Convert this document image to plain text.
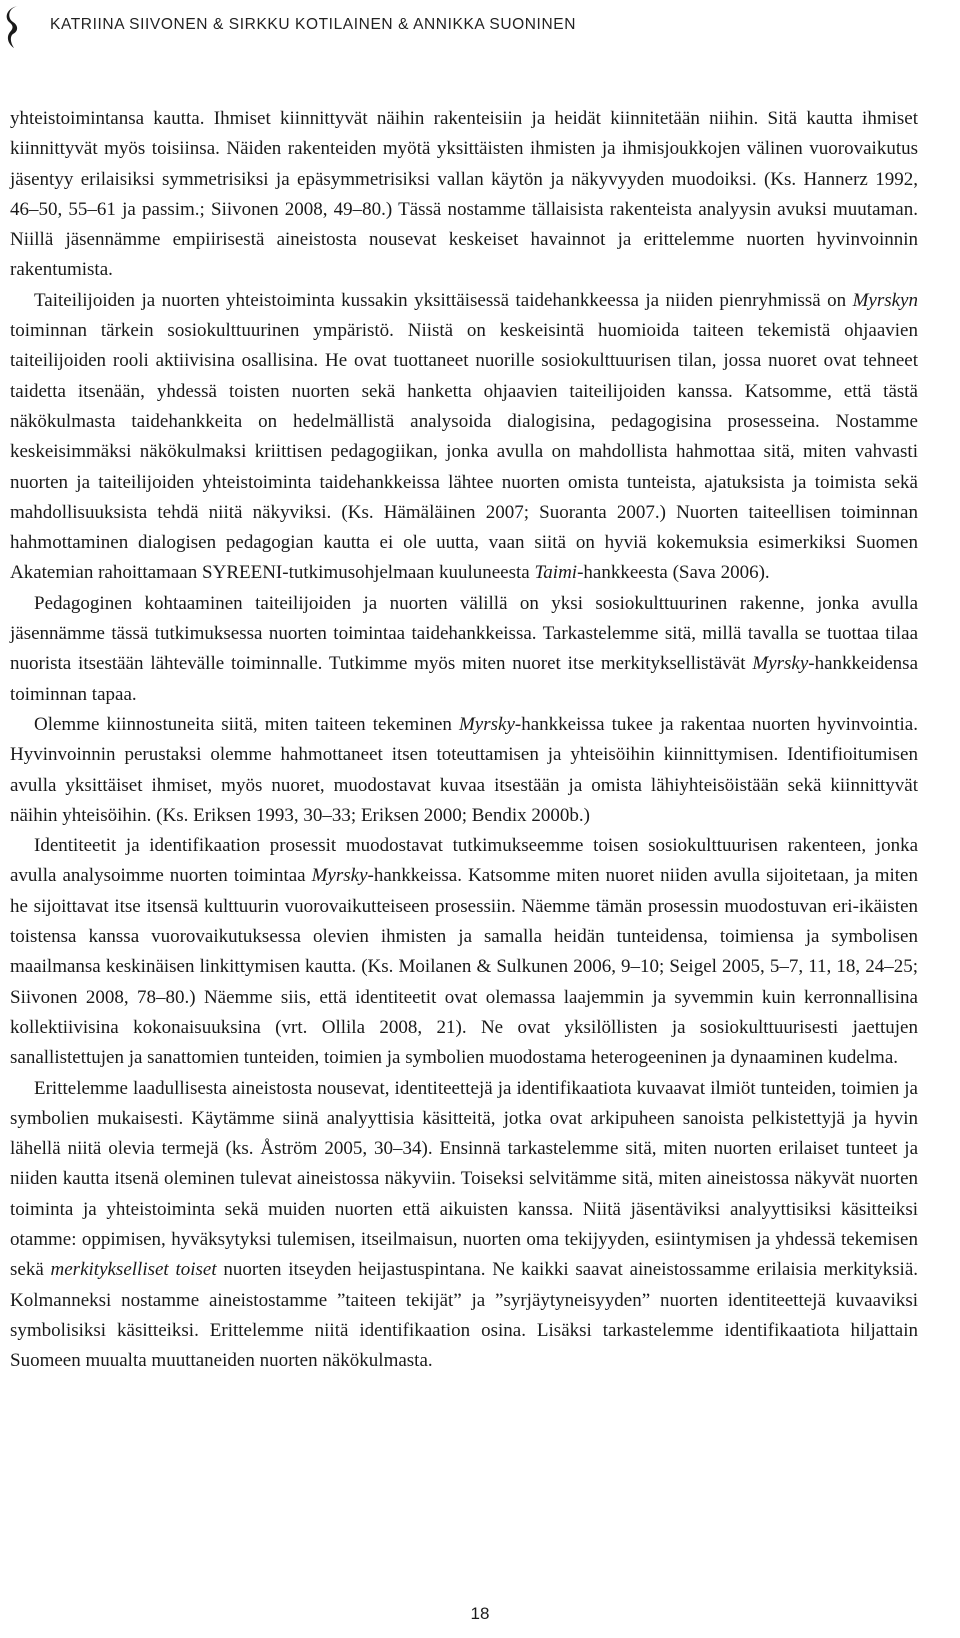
KATRIINA SIIVONEN & SIRKKU KOTILAINEN & ANNIKKA SUONINEN

yhteistoimintansa kautta. Ihmiset kiinnittyvät näihin rakenteisiin ja heidät kiinnitetään niihin. Sitä kautta ihmiset kiinnittyvät myös toisiinsa. Näiden rakenteiden myötä yksittäisten ihmisten ja ihmisjoukkojen välinen vuorovaikutus jäsentyy erilaisiksi symmetrisiksi ja epäsymmetrisiksi vallan käytön ja näkyvyyden muodoiksi. (Ks. Hannerz 1992, 46–50, 55–61 ja passim.; Siivonen 2008, 49–80.) Tässä nostamme tällaisista rakenteista analyysin avuksi muutaman. Niillä jäsennämme empiirisestä aineistosta nousevat keskeiset havainnot ja erittelemme nuorten hyvinvoinnin rakentumista.

Taiteilijoiden ja nuorten yhteistoiminta kussakin yksittäisessä taidehankkeessa ja niiden pienryhmissä on Myrskyn toiminnan tärkein sosiokulttuurinen ympäristö. Niistä on keskeisintä huomioida taiteen tekemistä ohjaavien taiteilijoiden rooli aktiivisina osallisina. He ovat tuottaneet nuorille sosiokulttuurisen tilan, jossa nuoret ovat tehneet taidetta itsenään, yhdessä toisten nuorten sekä hanketta ohjaavien taiteilijoiden kanssa. Katsomme, että tästä näkökulmasta taidehankkeita on hedelmällistä analysoida dialogisina, pedagogisina prosesseina. Nostamme keskeisimmäksi näkökulmaksi kriittisen pedagogiikan, jonka avulla on mahdollista hahmottaa sitä, miten vahvasti nuorten ja taiteilijoiden yhteistoiminta taidehankkeissa lähtee nuorten omista tunteista, ajatuksista ja toimista sekä mahdollisuuksista tehdä niitä näkyviksi. (Ks. Hämäläinen 2007; Suoranta 2007.) Nuorten taiteellisen toiminnan hahmottaminen dialogisen pedagogian kautta ei ole uutta, vaan siitä on hyviä kokemuksia esimerkiksi Suomen Akatemian rahoittamaan SYREENI-tutkimusohjelmaan kuuluneesta Taimi-hankkeesta (Sava 2006).

Pedagoginen kohtaaminen taiteilijoiden ja nuorten välillä on yksi sosiokulttuurinen rakenne, jonka avulla jäsennämme tässä tutkimuksessa nuorten toimintaa taidehankkeissa. Tarkastelemme sitä, millä tavalla se tuottaa tilaa nuorista itsestään lähtevälle toiminnalle. Tutkimme myös miten nuoret itse merkityksellistävät Myrsky-hankkeidensa toiminnan tapaa.

Olemme kiinnostuneita siitä, miten taiteen tekeminen Myrsky-hankkeissa tukee ja rakentaa nuorten hyvinvointia. Hyvinvoinnin perustaksi olemme hahmottaneet itsen toteuttamisen ja yhteisöihin kiinnittymisen. Identifioitumisen avulla yksittäiset ihmiset, myös nuoret, muodostavat kuvaa itsestään ja omista lähiyhteisöistään sekä kiinnittyvät näihin yhteisöihin. (Ks. Eriksen 1993, 30–33; Eriksen 2000; Bendix 2000b.)

Identiteetit ja identifikaation prosessit muodostavat tutkimukseemme toisen sosiokulttuurisen rakenteen, jonka avulla analysoimme nuorten toimintaa Myrsky-hankkeissa. Katsomme miten nuoret niiden avulla sijoitetaan, ja miten he sijoittavat itse itsensä kulttuurin vuorovaikutteiseen prosessiin. Näemme tämän prosessin muodostuvan eri-ikäisten toistensa kanssa vuorovaikutuksessa olevien ihmisten ja samalla heidän tunteidensa, toimiensa ja symbolisen maailmansa keskinäisen linkittymisen kautta. (Ks. Moilanen & Sulkunen 2006, 9–10; Seigel 2005, 5–7, 11, 18, 24–25; Siivonen 2008, 78–80.) Näemme siis, että identiteetit ovat olemassa laajemmin ja syvemmin kuin kerronnallisina kollektiivisina kokonaisuuksina (vrt. Ollila 2008, 21). Ne ovat yksilöllisten ja sosiokulttuurisesti jaettujen sanallistettujen ja sanattomien tunteiden, toimien ja symbolien muodostama heterogeeninen ja dynaaminen kudelma.

Erittelemme laadullisesta aineistosta nousevat, identiteettejä ja identifikaatiota kuvaavat ilmiöt tunteiden, toimien ja symbolien mukaisesti. Käytämme siinä analyyttisia käsitteitä, jotka ovat arkipuheen sanoista pelkistettyjä ja hyvin lähellä niitä olevia termejä (ks. Åström 2005, 30–34). Ensinnä tarkastelemme sitä, miten nuorten erilaiset tunteet ja niiden kautta itsenä oleminen tulevat aineistossa näkyviin. Toiseksi selvitämme sitä, miten aineistossa näkyvät nuorten toiminta ja yhteistoiminta sekä muiden nuorten että aikuisten kanssa. Niitä jäsentäviksi analyyttisiksi käsitteiksi otamme: oppimisen, hyväksytyksi tulemisen, itseilmaisun, nuorten oma tekijyyden, esiintymisen ja yhdessä tekemisen sekä merkitykselliset toiset nuorten itseyden heijastuspintana. Ne kaikki saavat aineistossamme erilaisia merkityksiä. Kolmanneksi nostamme aineistostamme ”taiteen tekijät” ja ”syrjäytyneisyyden” nuorten identiteettejä kuvaaviksi symbolisiksi käsitteiksi. Erittelemme niitä identifikaation osina. Lisäksi tarkastelemme identifikaatiota hiljattain Suomeen muualta muuttaneiden nuorten näkökulmasta.

18
